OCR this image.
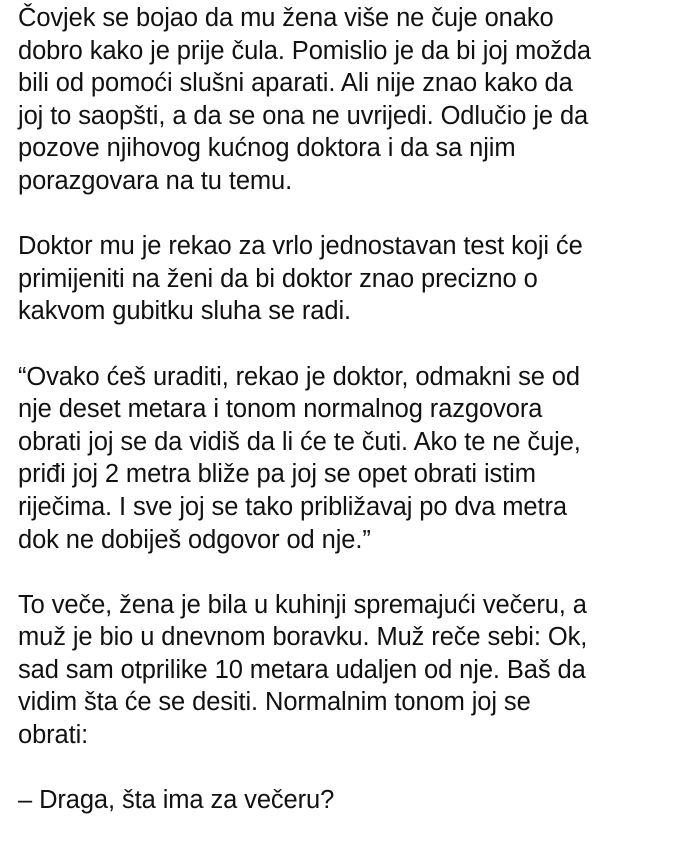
Čovjek se bojao da mu žena više ne čuje onako
dobro kako je prije čula. Pomislio je da bi joj možda
bili od pomoći slušni aparati. Ali nije znao kako da
joj to saopšti, a da se ona ne uvrijedi. Odlučio je da
pozove njihovog kućnog doktora i da sa njim
porazgovara na tu temu.
Doktor mu je rekao za vrlo jednostavan test koji će
primijeniti na ženi da bi doktor znao precizno o
kakvom gubitku sluha se radi.
“Ovako ćeš uraditi, rekao je doktor, odmakni se od
nje deset metara i tonom normalnog razgovora
obrati joj se da vidiš da li će te čuti. Ako te ne čuje,
priđi joj 2 metra bliže pa joj se opet obrati istim
riječima. I sve joj se tako približavaj po dva metra
dok ne dobiješ odgovor od nje.”
To veče, žena je bila u kuhinji spremajući večeru, a
muž je bio u dnevnom boravku. Muž reče sebi: Ok,
sad sam otprilike 10 metara udaljen od nje. Baš da
vidim šta će se desiti. Normalnim tonom joj se
obrati:
– Draga, šta ima za večeru?
